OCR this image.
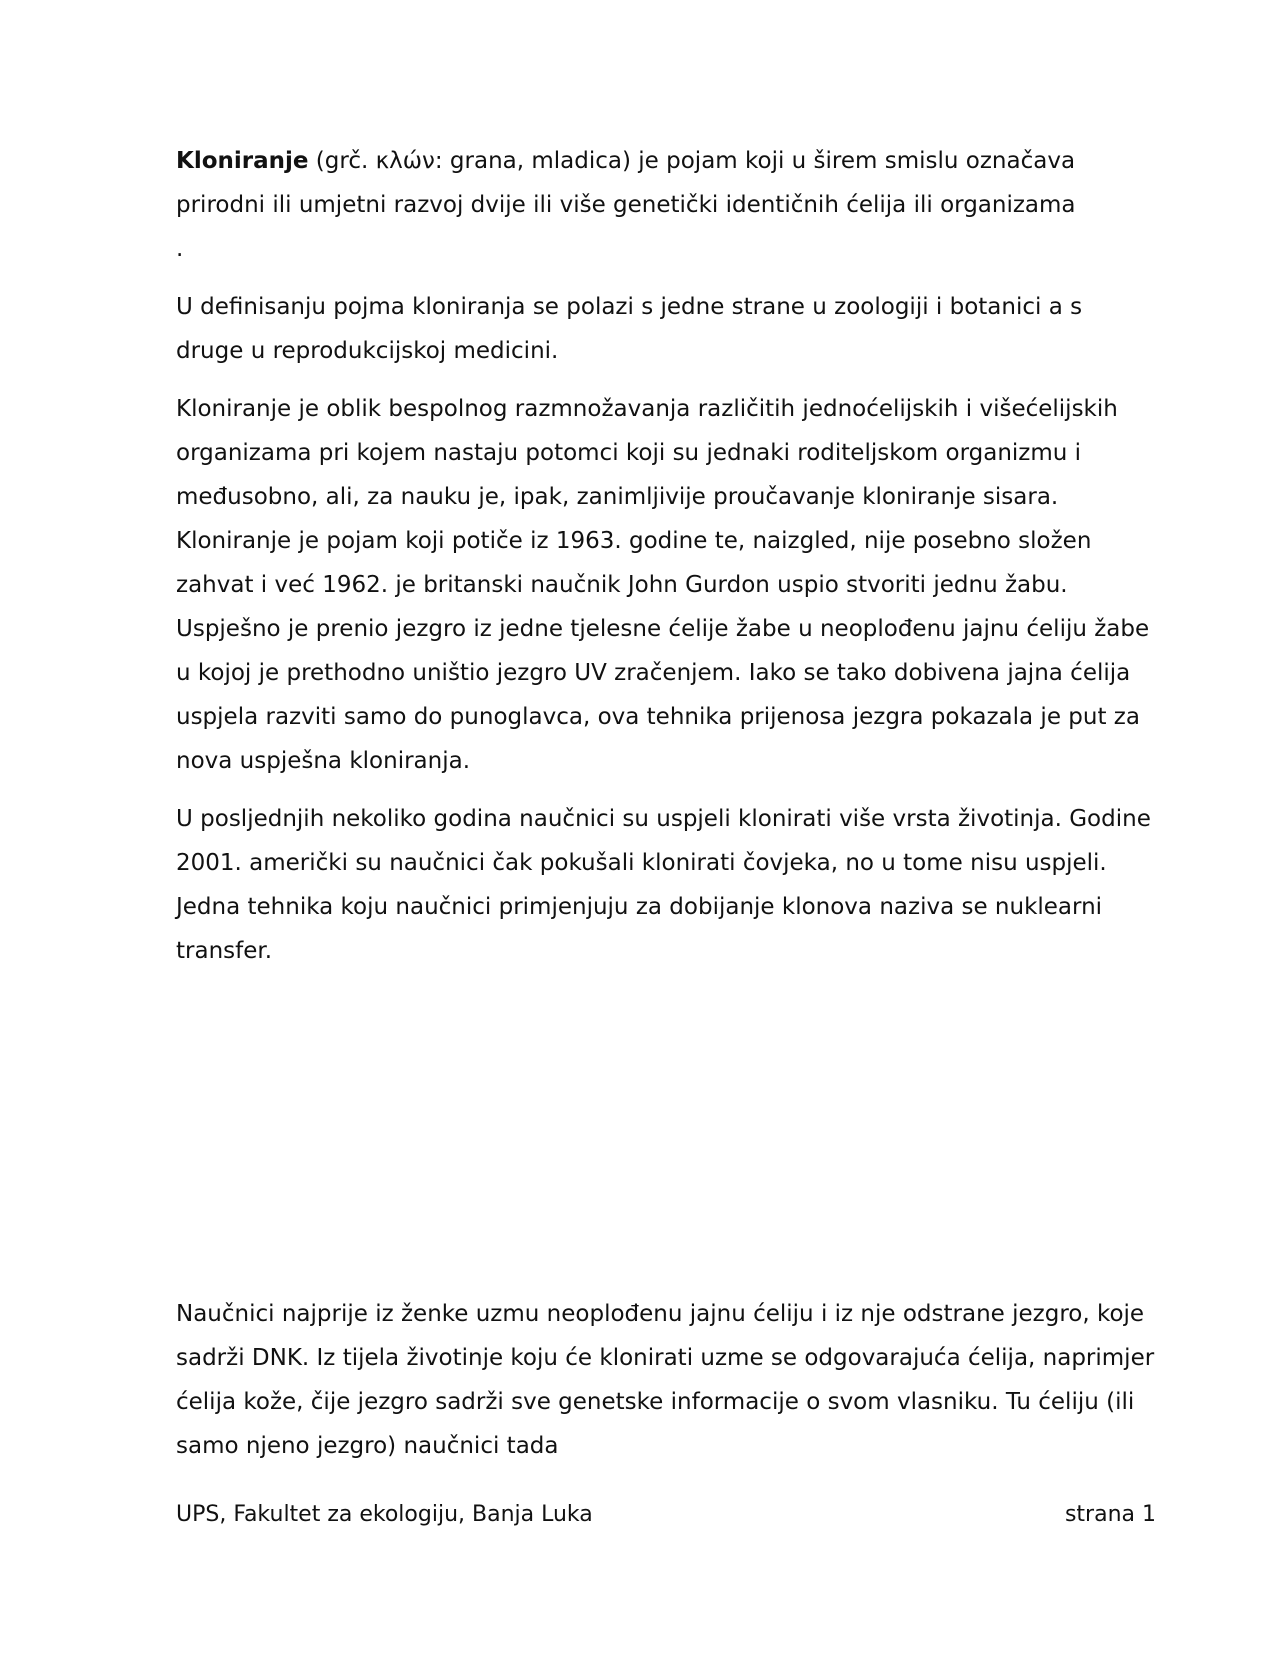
Kloniranje (grč. κλών: grana, mladica) je pojam koji u širem smislu označava prirodni ili umjetni razvoj dvije ili više genetički identičnih ćelija ili organizama
.

U definisanju pojma kloniranja se polazi s jedne strane u zoologiji i botanici a s druge u reprodukcijskoj medicini.

Kloniranje je oblik bespolnog razmnožavanja različitih jednoćelijskih i višećelijskih organizama pri kojem nastaju potomci koji su jednaki roditeljskom organizmu i međusobno, ali, za nauku je, ipak, zanimljivije proučavanje kloniranje sisara. Kloniranje je pojam koji potiče iz 1963. godine te, naizgled, nije posebno složen zahvat i već 1962. je britanski naučnik John Gurdon uspio stvoriti jednu žabu. Uspješno je prenio jezgro iz jedne tjelesne ćelije žabe u neoplođenu jajnu ćeliju žabe u kojoj je prethodno uništio jezgro UV zračenjem. Iako se tako dobivena jajna ćelija uspjela razviti samo do punoglavca, ova tehnika prijenosa jezgra pokazala je put za nova uspješna kloniranja.

U posljednjih nekoliko godina naučnici su uspjeli klonirati više vrsta životinja. Godine 2001. američki su naučnici čak pokušali klonirati čovjeka, no u tome nisu uspjeli. Jedna tehnika koju naučnici primjenjuju za dobijanje klonova naziva se nuklearni transfer.

Naučnici najprije iz ženke uzmu neoplođenu jajnu ćeliju i iz nje odstrane jezgro, koje sadrži DNK. Iz tijela životinje koju će klonirati uzme se odgovarajuća ćelija, naprimjer ćelija kože, čije jezgro sadrži sve genetske informacije o svom vlasniku. Tu ćeliju (ili samo njeno jezgro) naučnici tada

UPS, Fakultet za ekologiju, Banja Luka	strana 1
